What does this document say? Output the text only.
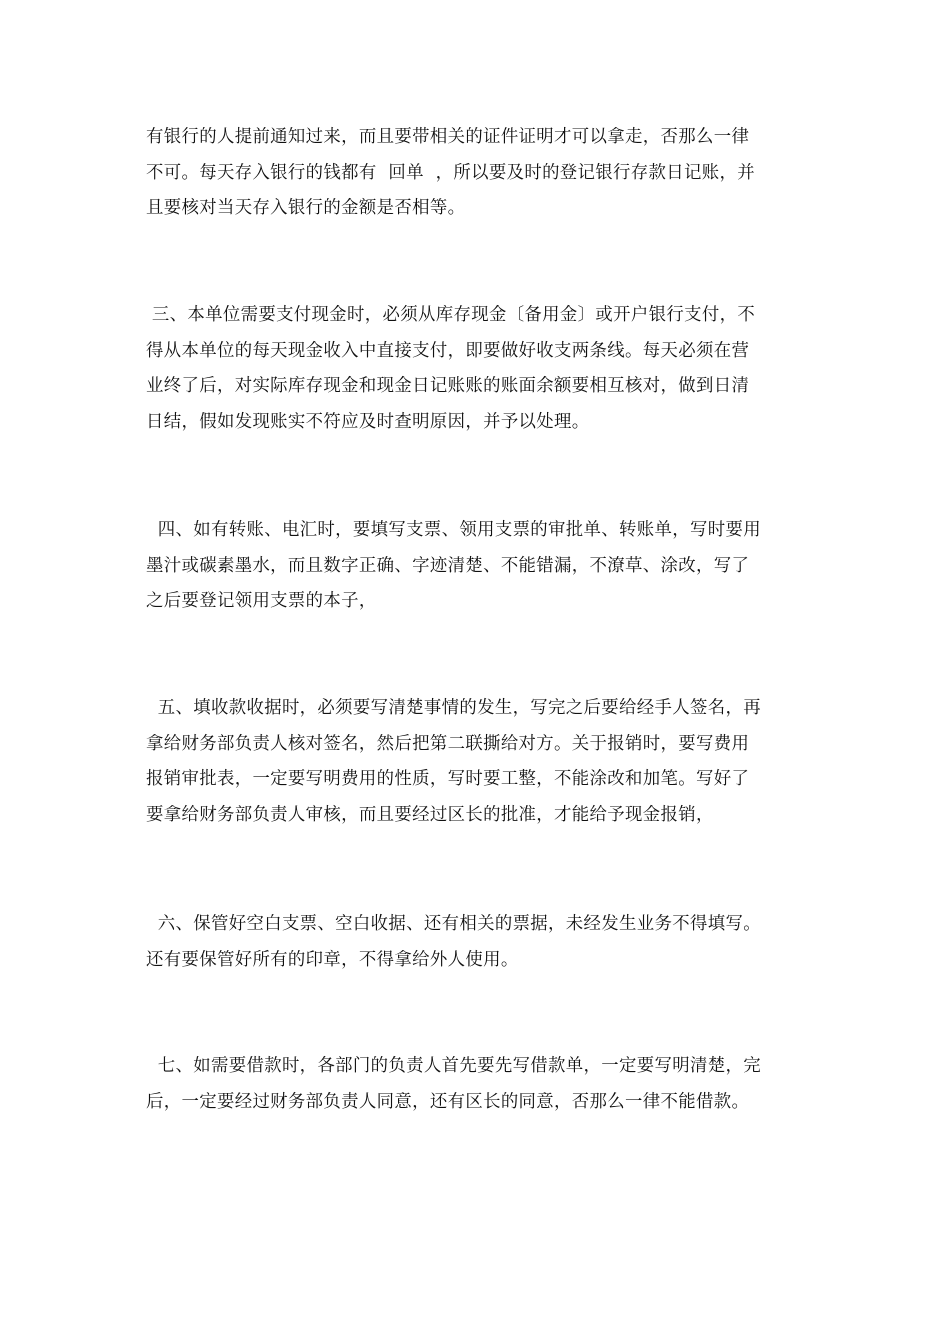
有银行的人提前通知过来，而且要带相关的证件证明才可以拿走，否那么一律
不可。每天存入银行的钱都有  回单  ，所以要及时的登记银行存款日记账，并
且要核对当天存入银行的金额是否相等。

三、本单位需要支付现金时，必须从库存现金〔备用金〕或开户银行支付，不
得从本单位的每天现金收入中直接支付，即要做好收支两条线。每天必须在营
业终了后，对实际库存现金和现金日记账账的账面余额要相互核对，做到日清
日结，假如发现账实不符应及时查明原因，并予以处理。

四、如有转账、电汇时，要填写支票、领用支票的审批单、转账单，写时要用
墨汁或碳素墨水，而且数字正确、字迹清楚、不能错漏，不潦草、涂改，写了
之后要登记领用支票的本子，

五、填收款收据时，必须要写清楚事情的发生，写完之后要给经手人签名，再
拿给财务部负责人核对签名，然后把第二联撕给对方。关于报销时，要写费用
报销审批表，一定要写明费用的性质，写时要工整，不能涂改和加笔。写好了
要拿给财务部负责人审核，而且要经过区长的批准，才能给予现金报销，

六、保管好空白支票、空白收据、还有相关的票据，未经发生业务不得填写。
还有要保管好所有的印章，不得拿给外人使用。

七、如需要借款时，各部门的负责人首先要先写借款单，一定要写明清楚，完
后，一定要经过财务部负责人同意，还有区长的同意，否那么一律不能借款。
